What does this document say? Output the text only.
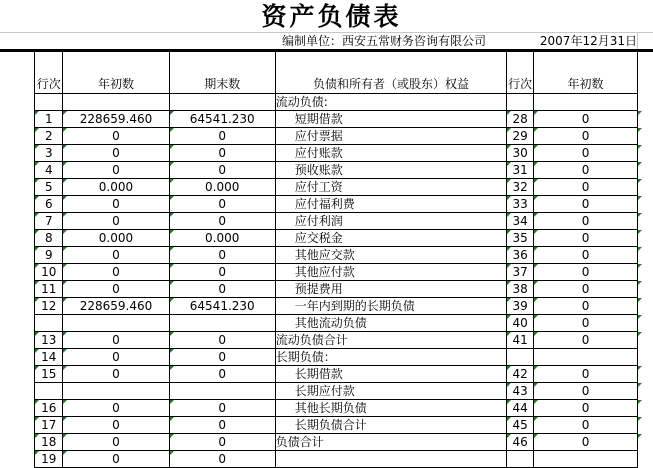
资产负债表
编制单位：西安五常财务咨询有限公司	2007年12月31日
	行次	年初数	期末数	负债和所有者（或股东）权益	行次	年初数	
				流动负债:			
	1	228659.460	64541.230	短期借款	28	0	
	2	0	0	应付票据	29	0	
	3	0	0	应付账款	30	0	
	4	0	0	预收账款	31	0	
	5	0.000	0.000	应付工资	32	0	
	6	0	0	应付福利费	33	0	
	7	0	0	应付利润	34	0	
	8	0.000	0.000	应交税金	35	0	
	9	0	0	其他应交款	36	0	
	10	0	0	其他应付款	37	0	
	11	0	0	预提费用	38	0	
	12	228659.460	64541.230	一年内到期的长期负债	39	0	
				其他流动负债	40	0	
	13	0	0	流动负债合计	41	0	
	14	0	0	长期负债：			
	15	0	0	长期借款	42	0	
				长期应付款	43	0	
	16	0	0	其他长期负债	44	0	
	17	0	0	长期负债合计	45	0	
	18	0	0	负债合计	46	0	
	19	0	0				
